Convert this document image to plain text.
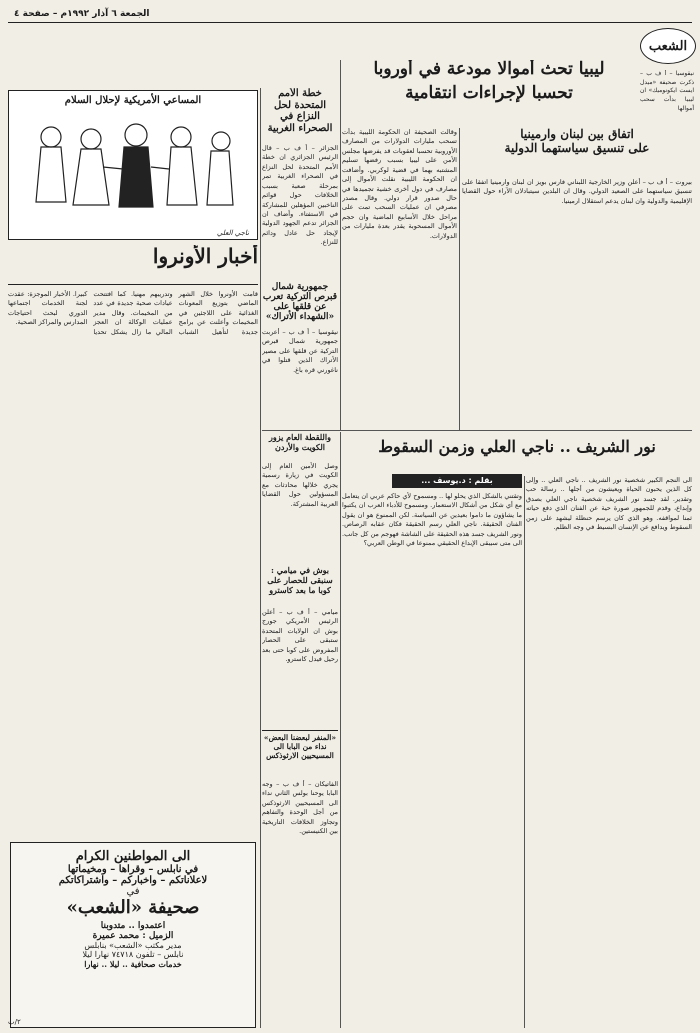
الجمعة ٦ آذار ١٩٩٢م – صفحة ٤
الشعب
ليبيا تحث أموالا مودعة في أوروبا
تحسبا لإجراءات انتقامية
نيقوسيا – أ ف ب – ذكرت صحيفة «ميدل ايست ايكونوميك» ان ليبيا بدأت سحب أموالها
وقالت الصحيفة ان الحكومة الليبية بدأت تسحب مليارات الدولارات من المصارف الأوروبية تحسبا لعقوبات قد يفرضها مجلس الأمن على ليبيا بسبب رفضها تسليم المشتبه بهما في قضية لوكربي. وأضافت ان الحكومة الليبية نقلت الأموال إلى مصارف في دول أخرى خشية تجميدها في حال صدور قرار دولي. وقال مصدر مصرفي ان عمليات السحب تمت على مراحل خلال الأسابيع الماضية وان حجم الأموال المسحوبة يقدر بعدة مليارات من الدولارات.
اتفاق بين لبنان وارمينيا
على تنسيق سياستهما الدولية
بيروت – أ ف ب – أعلن وزير الخارجية اللبناني فارس بويز ان لبنان وارمينيا اتفقا على تنسيق سياستهما على الصعيد الدولي. وقال ان البلدين سيتبادلان الآراء حول القضايا الإقليمية والدولية وان لبنان يدعم استقلال ارمينيا.
خطة الأمم المتحدة لحل النزاع في الصحراء الغربية
الجزائر – أ ف ب – قال الرئيس الجزائري ان خطة الأمم المتحدة لحل النزاع في الصحراء الغربية تمر بمرحلة صعبة بسبب الخلافات حول قوائم الناخبين المؤهلين للمشاركة في الاستفتاء. وأضاف ان الجزائر تدعم الجهود الدولية لإيجاد حل عادل ودائم للنزاع.
جمهورية شمال قبرص التركية تعرب عن قلقها على «الشهداء الأتراك»
نيقوسيا – أ ف ب – أعربت جمهورية شمال قبرص التركية عن قلقها على مصير الأتراك الذين قتلوا في ناغورني قره باغ.
المساعي الأمريكية لإحلال السلام
ناجي العلي
أخبار الأونروا
قامت الأونروا خلال الشهر الماضي بتوزيع المعونات الغذائية على اللاجئين في المخيمات وأعلنت عن برامج جديدة لتأهيل الشباب وتدريبهم مهنيا. كما افتتحت عيادات صحية جديدة في عدد من المخيمات. وقال مدير عمليات الوكالة ان العجز المالي ما زال يشكل تحديا كبيرا. الأخبار الموجزة: عقدت لجنة الخدمات اجتماعها الدوري لبحث احتياجات المدارس والمراكز الصحية.
واللقطة العام يزور الكويت والأردن
وصل الأمين العام إلى الكويت في زيارة رسمية يجري خلالها محادثات مع المسؤولين حول القضايا العربية المشتركة.
بوش في ميامي : سنبقى للحصار على كوبا ما بعد كاسترو
ميامي – أ ف ب – أعلن الرئيس الأمريكي جورج بوش ان الولايات المتحدة ستبقى على الحصار المفروض على كوبا حتى بعد رحيل فيدل كاسترو.
نور الشريف .. ناجي العلي وزمن السقوط
بقلم : د.يوسف ...	الى النجم الكبير شخصية نور الشريف .. ناجي العلي .. وإلى كل الذين يحبون الحياة ويعيشون من أجلها .. رسالة حب وتقدير. لقد جسد نور الشريف شخصية ناجي العلي بصدق وإبداع، وقدم للجمهور صورة حية عن الفنان الذي دفع حياته ثمنا لمواقفه. وهو الذي كان يرسم حنظلة ليشهد على زمن السقوط ويدافع عن الإنسان البسيط في وجه الظلم.
وتقتني بالشكل الذي يحلو لها .. ومسموح لأي حاكم عربي ان يتعامل مع أي شكل من أشكال الاستعمار. ومسموح للأدباء العرب ان يكتبوا ما يشاؤون ما داموا بعيدين عن السياسة. لكن الممنوع هو ان يقول الفنان الحقيقة. ناجي العلي رسم الحقيقة فكان عقابه الرصاص. ونور الشريف جسد هذه الحقيقة على الشاشة فهوجم من كل جانب. الى متى سيبقى الإبداع الحقيقي ممنوعا في الوطن العربي؟
«المنفر لبعضنا البعض» نداء من البابا الى المسيحيين الارثوذكس
الفاتيكان – أ ف ب – وجه البابا يوحنا بولس الثاني نداء الى المسيحيين الارثوذكس من أجل الوحدة والتفاهم وتجاوز الخلافات التاريخية بين الكنيستين.
الى المواطنين الكرام
في نابلس – وقراها – ومخيماتها
لاعلاناتكم – واخباركم – واشتراكاتكم
في
صحيفة «الشعب»
اعتمدوا .. متدوبنا
الزميل : محمد عميرة
مدير مكتب «الشعب» بنابلس
نابلس – تلفون ٧٤٧١٨ نهارا ليلا
خدمات صحافية .. ليلا .. نهارا
٢/ب
